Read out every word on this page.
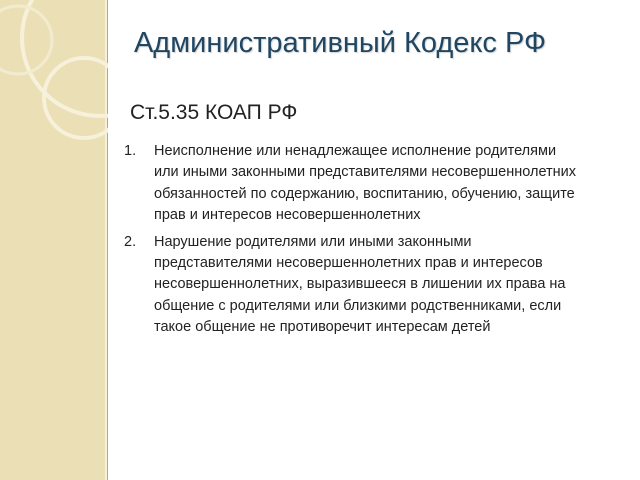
Административный Кодекс РФ
Ст.5.35 КОАП РФ
1. Неисполнение или ненадлежащее исполнение родителями или иными законными представителями несовершеннолетних обязанностей по содержанию, воспитанию, обучению, защите прав и интересов несовершеннолетних
2. Нарушение родителями или иными законными представителями несовершеннолетних прав и интересов несовершеннолетних, выразившееся в лишении их права на общение с родителями или близкими родственниками, если такое общение не противоречит интересам детей
